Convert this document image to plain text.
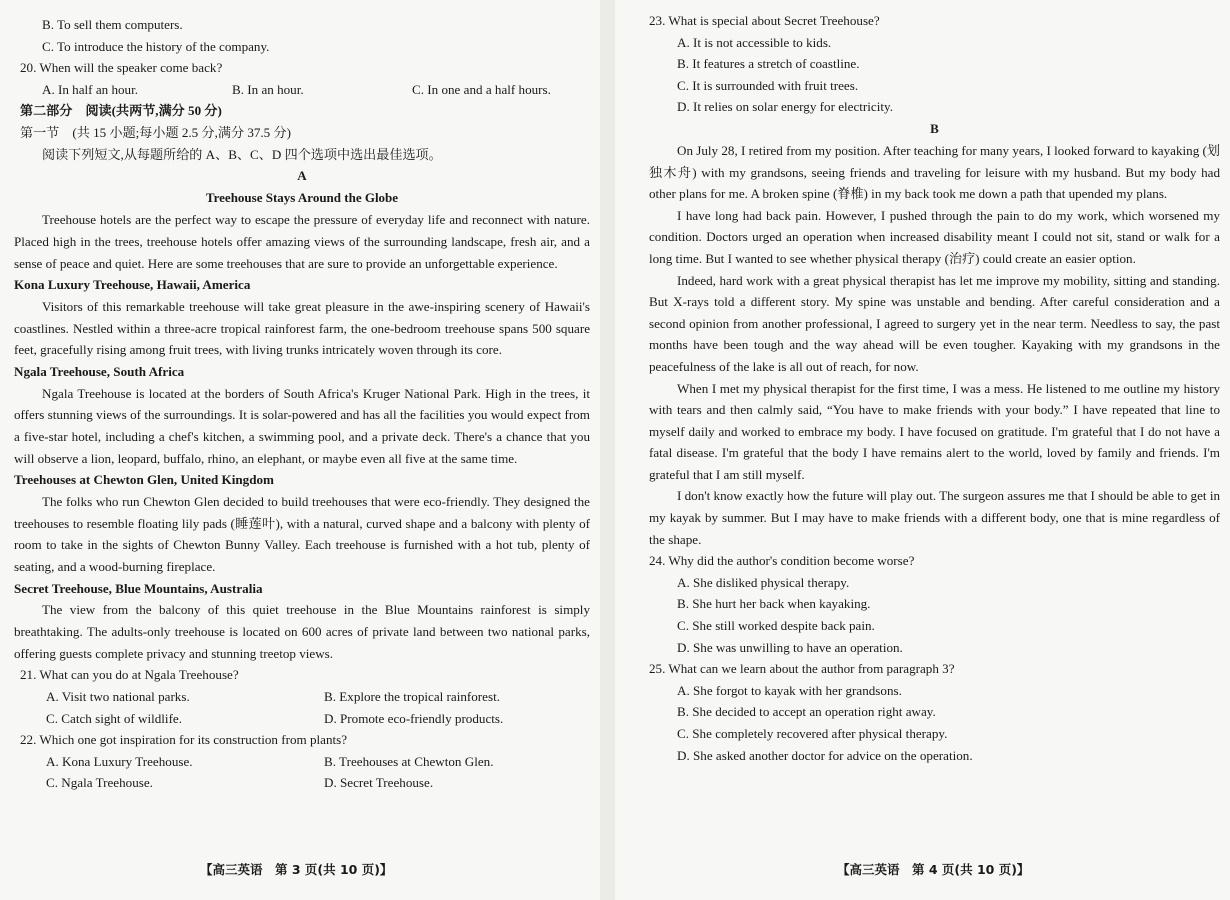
B. To sell them computers.
C. To introduce the history of the company.
20. When will the speaker come back?
A. In half an hour.	B. In an hour.	C. In one and a half hours.
第二部分　阅读(共两节,满分 50 分)
第一节　(共 15 小题;每小题 2.5 分,满分 37.5 分)
阅读下列短文,从每题所给的 A、B、C、D 四个选项中选出最佳选项。
A
Treehouse Stays Around the Globe

Treehouse hotels are the perfect way to escape the pressure of everyday life and reconnect with nature. Placed high in the trees, treehouse hotels offer amazing views of the surrounding landscape, fresh air, and a sense of peace and quiet. Here are some treehouses that are sure to provide an unforgettable experience.

Kona Luxury Treehouse, Hawaii, America

Visitors of this remarkable treehouse will take great pleasure in the awe-inspiring scenery of Hawaii's coastlines. Nestled within a three-acre tropical rainforest farm, the one-bedroom treehouse spans 500 square feet, gracefully rising among fruit trees, with living trunks intricately woven through its core.

Ngala Treehouse, South Africa

Ngala Treehouse is located at the borders of South Africa's Kruger National Park. High in the trees, it offers stunning views of the surroundings. It is solar-powered and has all the facilities you would expect from a five-star hotel, including a chef's kitchen, a swimming pool, and a private deck. There's a chance that you will observe a lion, leopard, buffalo, rhino, an elephant, or maybe even all five at the same time.

Treehouses at Chewton Glen, United Kingdom

The folks who run Chewton Glen decided to build treehouses that were eco-friendly. They designed the treehouses to resemble floating lily pads (睡莲叶), with a natural, curved shape and a balcony with plenty of room to take in the sights of Chewton Bunny Valley. Each treehouse is furnished with a hot tub, plenty of seating, and a wood-burning fireplace.

Secret Treehouse, Blue Mountains, Australia

The view from the balcony of this quiet treehouse in the Blue Mountains rainforest is simply breathtaking. The adults-only treehouse is located on 600 acres of private land between two national parks, offering guests complete privacy and stunning treetop views.

21. What can you do at Ngala Treehouse?
A. Visit two national parks.	B. Explore the tropical rainforest.
C. Catch sight of wildlife.	D. Promote eco-friendly products.
22. Which one got inspiration for its construction from plants?
A. Kona Luxury Treehouse.	B. Treehouses at Chewton Glen.
C. Ngala Treehouse.	D. Secret Treehouse.
【高三英语　第 3 页(共 10 页)】
23. What is special about Secret Treehouse?
A. It is not accessible to kids.
B. It features a stretch of coastline.
C. It is surrounded with fruit trees.
D. It relies on solar energy for electricity.
B

On July 28, I retired from my position. After teaching for many years, I looked forward to kayaking (划独木舟) with my grandsons, seeing friends and traveling for leisure with my husband. But my body had other plans for me. A broken spine (脊椎) in my back took me down a path that upended my plans.

I have long had back pain. However, I pushed through the pain to do my work, which worsened my condition. Doctors urged an operation when increased disability meant I could not sit, stand or walk for a long time. But I wanted to see whether physical therapy (治疗) could create an easier option.

Indeed, hard work with a great physical therapist has let me improve my mobility, sitting and standing. But X-rays told a different story. My spine was unstable and bending. After careful consideration and a second opinion from another professional, I agreed to surgery yet in the near term. Needless to say, the past months have been tough and the way ahead will be even tougher. Kayaking with my grandsons in the peacefulness of the lake is all out of reach, for now.

When I met my physical therapist for the first time, I was a mess. He listened to me outline my history with tears and then calmly said, “You have to make friends with your body.” I have repeated that line to myself daily and worked to embrace my body. I have focused on gratitude. I'm grateful that I do not have a fatal disease. I'm grateful that the body I have remains alert to the world, loved by family and friends. I'm grateful that I am still myself.

I don't know exactly how the future will play out. The surgeon assures me that I should be able to get in my kayak by summer. But I may have to make friends with a different body, one that is mine regardless of the shape.

24. Why did the author's condition become worse?
A. She disliked physical therapy.
B. She hurt her back when kayaking.
C. She still worked despite back pain.
D. She was unwilling to have an operation.
25. What can we learn about the author from paragraph 3?
A. She forgot to kayak with her grandsons.
B. She decided to accept an operation right away.
C. She completely recovered after physical therapy.
D. She asked another doctor for advice on the operation.
【高三英语　第 4 页(共 10 页)】
